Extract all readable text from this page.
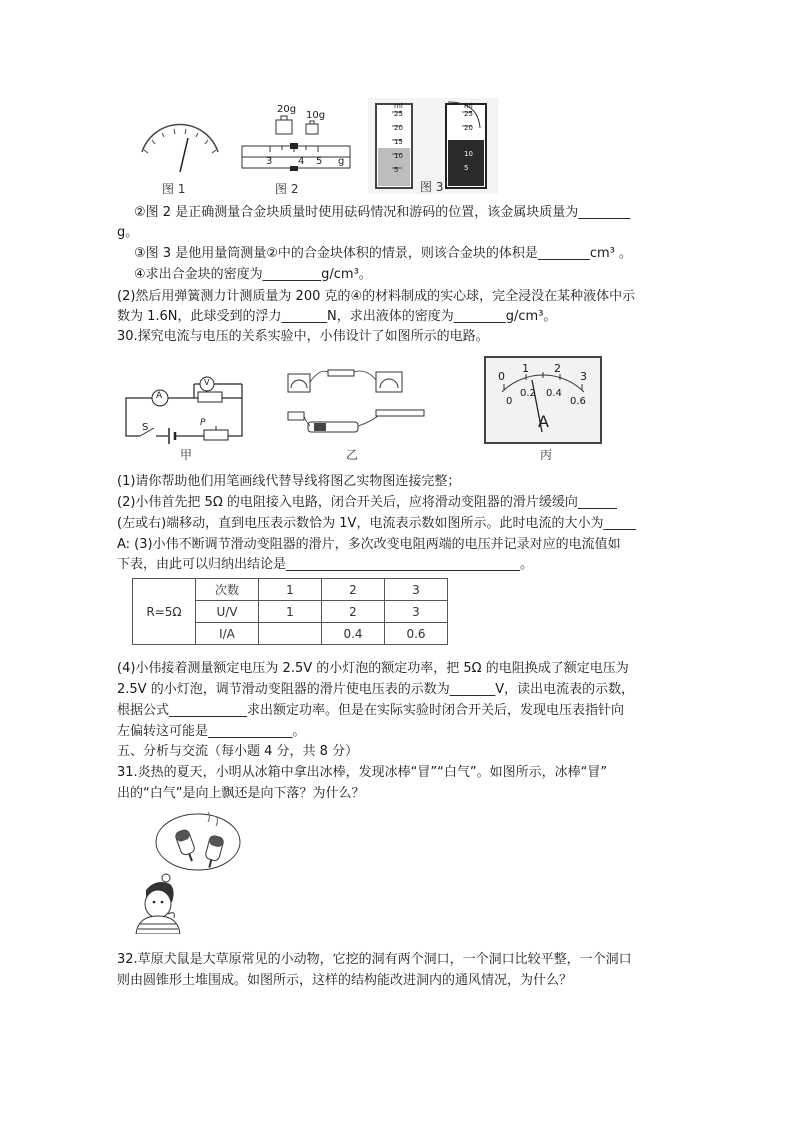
图 1
20g
10g
3	4 5 g
图 2
ml
25
20
15
10
5
ml
25
20
15
10
5
图 3
②图 2 是正确测量合金块质量时使用砝码情况和游码的位置，该金属块质量为________
g。
③图 3 是他用量筒测量②中的合金块体积的情景，则该合金块的体积是________cm³ 。
④求出合金块的密度为_________g/cm³。
(2)然后用弹簧测力计测质量为 200 克的④的材料制成的实心球，完全浸没在某种液体中示
数为 1.6N，此球受到的浮力_______N，求出液体的密度为________g/cm³。
30.探究电流与电压的关系实验中，小伟设计了如图所示的电路。
A
V
S	P
甲	乙
0
1 2
3
0
0.2 0.4
0.6
A
丙
(1)请你帮助他们用笔画线代替导线将图乙实物图连接完整；
(2)小伟首先把 5Ω 的电阻接入电路，闭合开关后，应将滑动变阻器的滑片缓缓向______
(左或右)端移动，直到电压表示数恰为 1V，电流表示数如图所示。此时电流的大小为_____
A: (3)小伟不断调节滑动变阻器的滑片，多次改变电阻两端的电压并记录对应的电流值如
下表，由此可以归纳出结论是____________________________________。
R=5Ω	次数	1	2	3
	U/V	1	2	3
	I/A		0.4	0.6
(4)小伟接着测量额定电压为 2.5V 的小灯泡的额定功率，把 5Ω 的电阻换成了额定电压为
2.5V 的小灯泡，调节滑动变阻器的滑片使电压表的示数为_______V，读出电流表的示数，
根据公式____________求出额定功率。但是在实际实验时闭合开关后，发现电压表指针向
左偏转这可能是_____________。
五、分析与交流（每小题 4 分，共 8 分）
31.炎热的夏天，小明从冰箱中拿出冰棒，发现冰棒“冒”“白气”。如图所示，冰棒“冒”
出的“白气”是向上飘还是向下落？为什么？
32.草原犬鼠是大草原常见的小动物，它挖的洞有两个洞口，一个洞口比较平整，一个洞口
则由圆锥形土堆围成。如图所示，这样的结构能改进洞内的通风情况，为什么？
